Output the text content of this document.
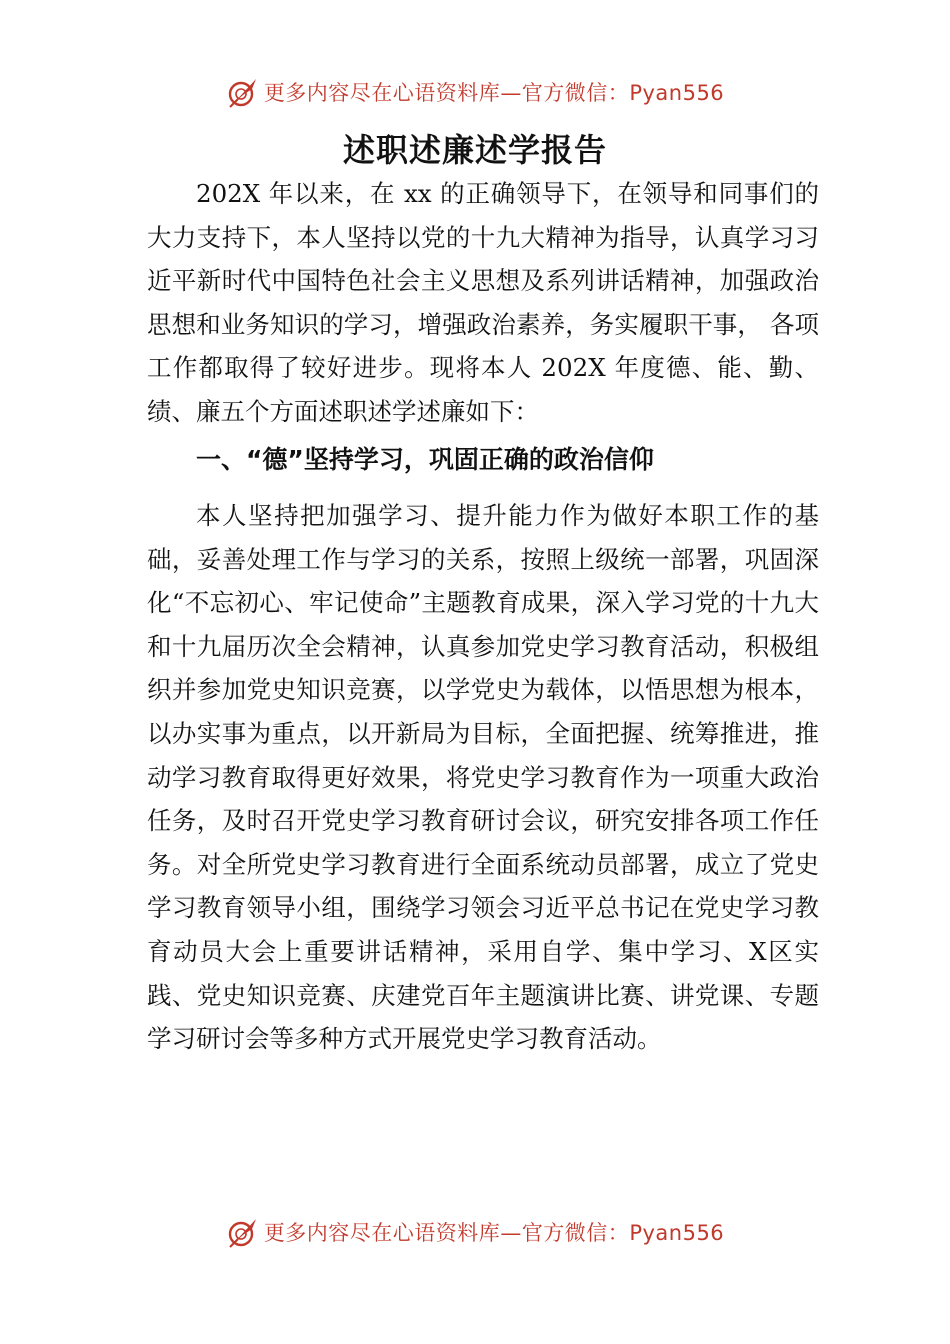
更多内容尽在心语资料库—官方微信：Pyan556
述职述廉述学报告

202X 年以来，在 xx 的正确领导下，在领导和同事们的大力支持下，本人坚持以党的十九大精神为指导，认真学习习近平新时代中国特色社会主义思想及系列讲话精神，加强政治思想和业务知识的学习，增强政治素养，务实履职干事， 各项工作都取得了较好进步。现将本人 202X 年度德、能、勤、绩、廉五个方面述职述学述廉如下：

一、“德”坚持学习，巩固正确的政治信仰

本人坚持把加强学习、提升能力作为做好本职工作的基础，妥善处理工作与学习的关系，按照上级统一部署，巩固深化“不忘初心、牢记使命”主题教育成果，深入学习党的十九大和十九届历次全会精神，认真参加党史学习教育活动，积极组织并参加党史知识竞赛，以学党史为载体，以悟思想为根本，以办实事为重点，以开新局为目标，全面把握、统筹推进，推动学习教育取得更好效果，将党史学习教育作为一项重大政治任务，及时召开党史学习教育研讨会议，研究安排各项工作任务。对全所党史学习教育进行全面系统动员部署，成立了党史学习教育领导小组，围绕学习领会习近平总书记在党史学习教育动员大会上重要讲话精神，采用自学、集中学习、X区实践、党史知识竞赛、庆建党百年主题演讲比赛、讲党课、专题学习研讨会等多种方式开展党史学习教育活动。

更多内容尽在心语资料库—官方微信：Pyan556
